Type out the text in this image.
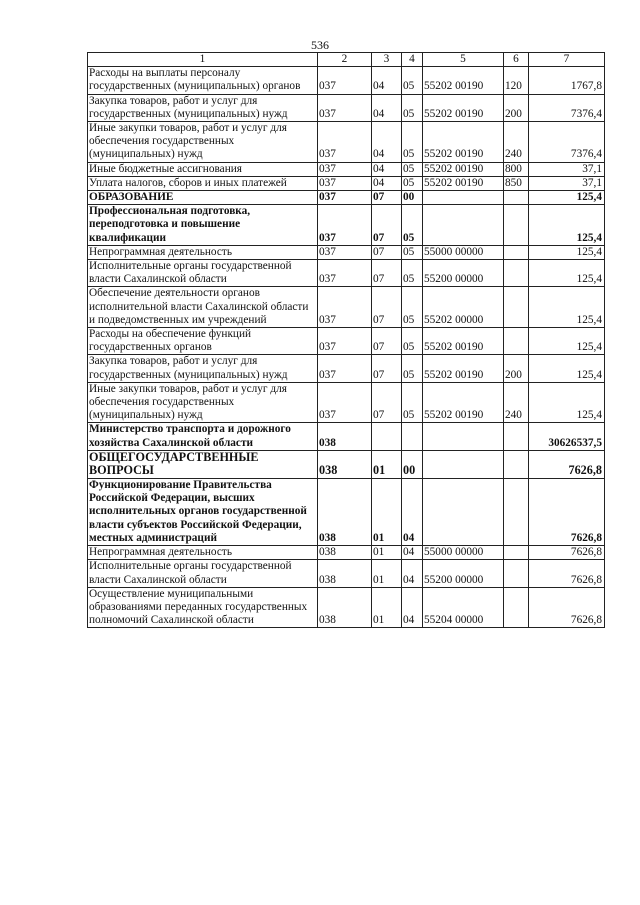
536
1	2	3	4	5	6	7
Расходы на выплаты персоналу государственных (муниципальных) органов	037	04	05	55202 00190	120	1767,8
Закупка товаров, работ и услуг для государственных (муниципальных) нужд	037	04	05	55202 00190	200	7376,4
Иные закупки товаров, работ и услуг для обеспечения государственных (муниципальных) нужд	037	04	05	55202 00190	240	7376,4
Иные бюджетные ассигнования	037	04	05	55202 00190	800	37,1
Уплата налогов, сборов и иных платежей	037	04	05	55202 00190	850	37,1
ОБРАЗОВАНИЕ	037	07	00			125,4
Профессиональная подготовка, переподготовка и повышение квалификации	037	07	05			125,4
Непрограммная деятельность	037	07	05	55000 00000		125,4
Исполнительные органы государственной власти Сахалинской области	037	07	05	55200 00000		125,4
Обеспечение деятельности органов исполнительной власти Сахалинской области и подведомственных им учреждений	037	07	05	55202 00000		125,4
Расходы на обеспечение функций государственных органов	037	07	05	55202 00190		125,4
Закупка товаров, работ и услуг для государственных (муниципальных) нужд	037	07	05	55202 00190	200	125,4
Иные закупки товаров, работ и услуг для обеспечения государственных (муниципальных) нужд	037	07	05	55202 00190	240	125,4
Министерство транспорта и дорожного хозяйства Сахалинской области	038					30626537,5
ОБЩЕГОСУДАРСТВЕННЫЕ ВОПРОСЫ	038	01	00			7626,8
Функционирование Правительства Российской Федерации, высших исполнительных органов государственной власти субъектов Российской Федерации, местных администраций	038	01	04			7626,8
Непрограммная деятельность	038	01	04	55000 00000		7626,8
Исполнительные органы государственной власти Сахалинской области	038	01	04	55200 00000		7626,8
Осуществление муниципальными образованиями переданных государственных полномочий Сахалинской области	038	01	04	55204 00000		7626,8
